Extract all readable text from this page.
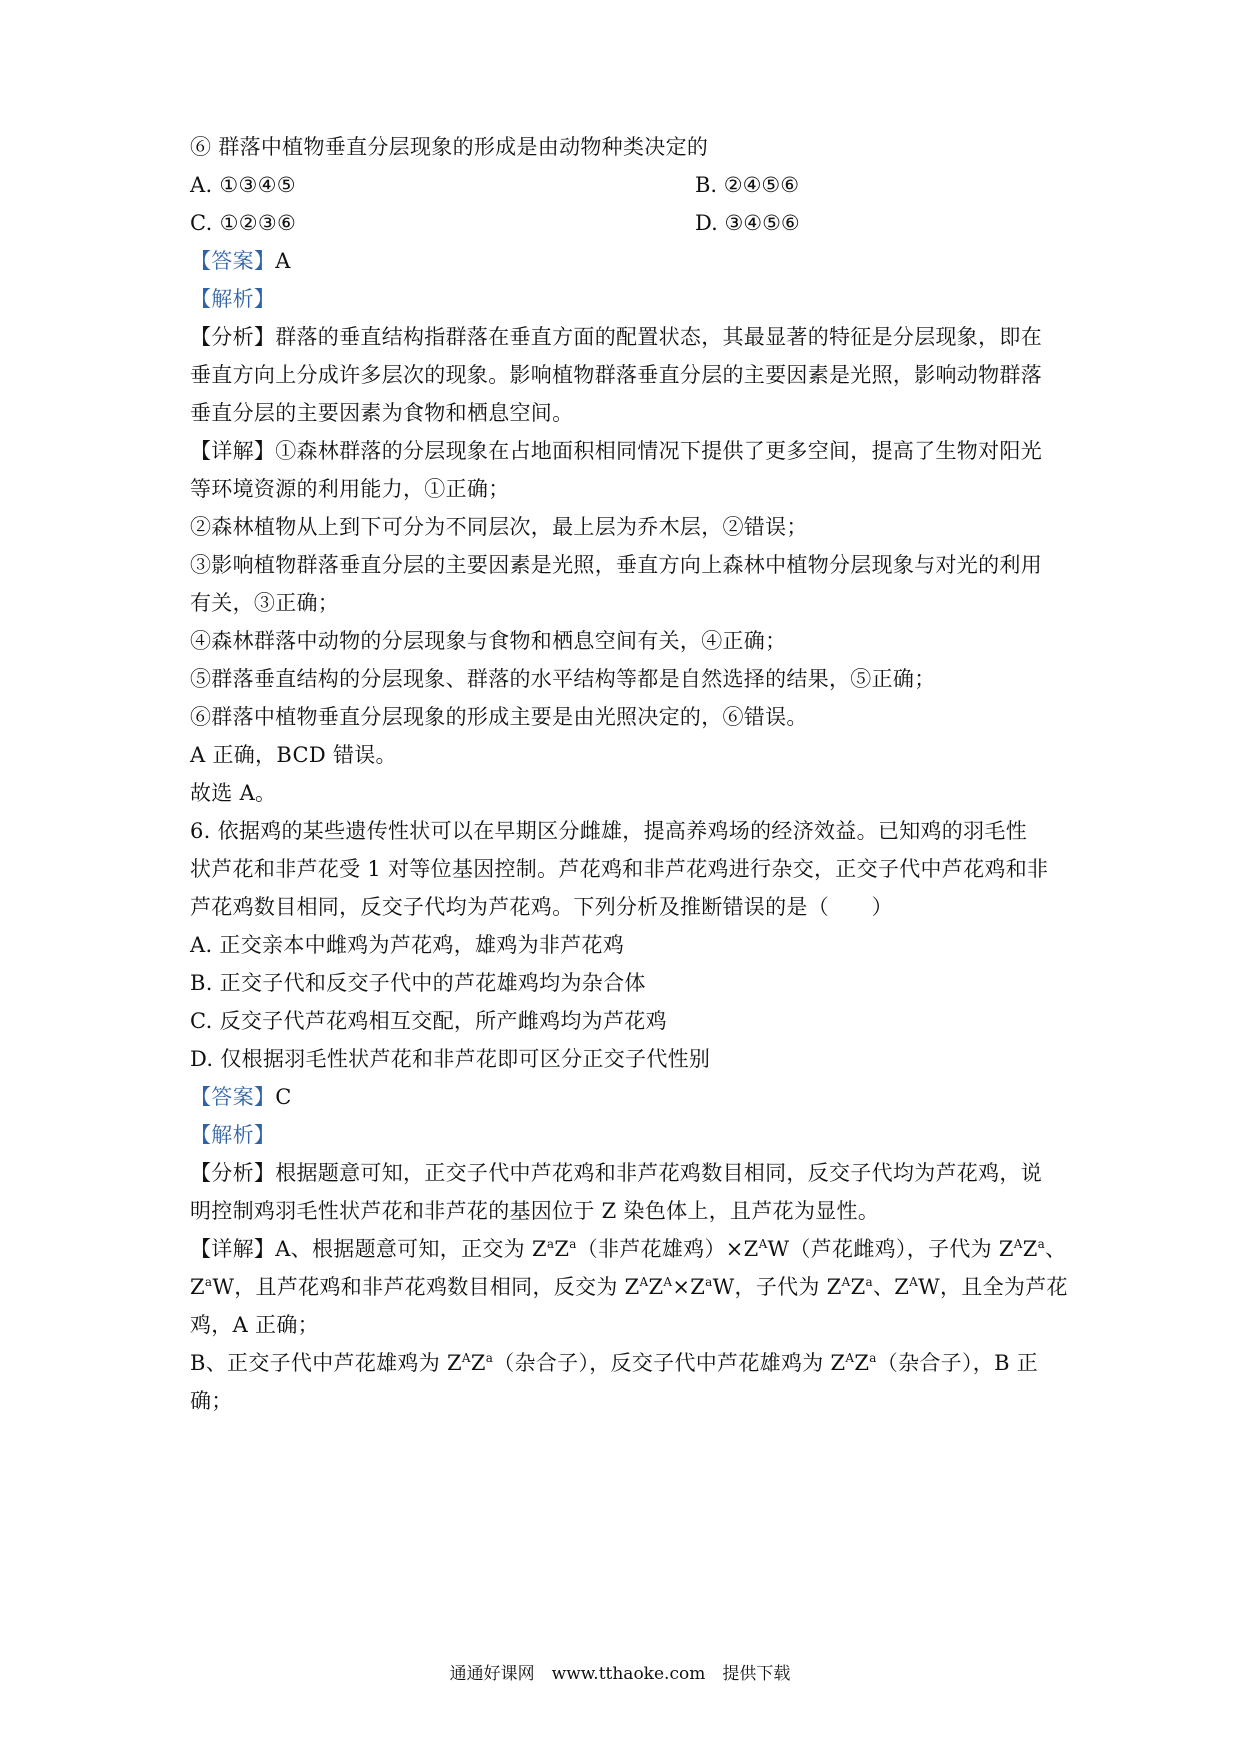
⑥ 群落中植物垂直分层现象的形成是由动物种类决定的
A. ①③④⑤	B. ②④⑤⑥
C. ①②③⑥	D. ③④⑤⑥
【答案】A
【解析】
【分析】群落的垂直结构指群落在垂直方面的配置状态，其最显著的特征是分层现象，即在
垂直方向上分成许多层次的现象。影响植物群落垂直分层的主要因素是光照，影响动物群落
垂直分层的主要因素为食物和栖息空间。
【详解】①森林群落的分层现象在占地面积相同情况下提供了更多空间，提高了生物对阳光
等环境资源的利用能力，①正确；
②森林植物从上到下可分为不同层次，最上层为乔木层，②错误；
③影响植物群落垂直分层的主要因素是光照，垂直方向上森林中植物分层现象与对光的利用
有关，③正确；
④森林群落中动物的分层现象与食物和栖息空间有关，④正确；
⑤群落垂直结构的分层现象、群落的水平结构等都是自然选择的结果，⑤正确；
⑥群落中植物垂直分层现象的形成主要是由光照决定的，⑥错误。
A 正确，BCD 错误。
故选 A。
6. 依据鸡的某些遗传性状可以在早期区分雌雄，提高养鸡场的经济效益。已知鸡的羽毛性
状芦花和非芦花受 1 对等位基因控制。芦花鸡和非芦花鸡进行杂交，正交子代中芦花鸡和非
芦花鸡数目相同，反交子代均为芦花鸡。下列分析及推断错误的是（　　）
A. 正交亲本中雌鸡为芦花鸡，雄鸡为非芦花鸡
B. 正交子代和反交子代中的芦花雄鸡均为杂合体
C. 反交子代芦花鸡相互交配，所产雌鸡均为芦花鸡
D. 仅根据羽毛性状芦花和非芦花即可区分正交子代性别
【答案】C
【解析】
【分析】根据题意可知，正交子代中芦花鸡和非芦花鸡数目相同，反交子代均为芦花鸡，说
明控制鸡羽毛性状芦花和非芦花的基因位于 Z 染色体上，且芦花为显性。
【详解】A、根据题意可知，正交为 $Z^aZ^a$（非芦花雄鸡）$\times Z^AW$（芦花雌鸡），子代为 $Z^AZ^a$、
$Z^aW$，且芦花鸡和非芦花鸡数目相同，反交为 $Z^AZ^A\times Z^aW$，子代为 $Z^AZ^a$、$Z^AW$，且全为芦花
鸡，A 正确；
B、正交子代中芦花雄鸡为 $Z^AZ^a$（杂合子），反交子代中芦花雄鸡为 $Z^AZ^a$（杂合子），B 正
确；
通通好课网　www.tthaoke.com　提供下载
